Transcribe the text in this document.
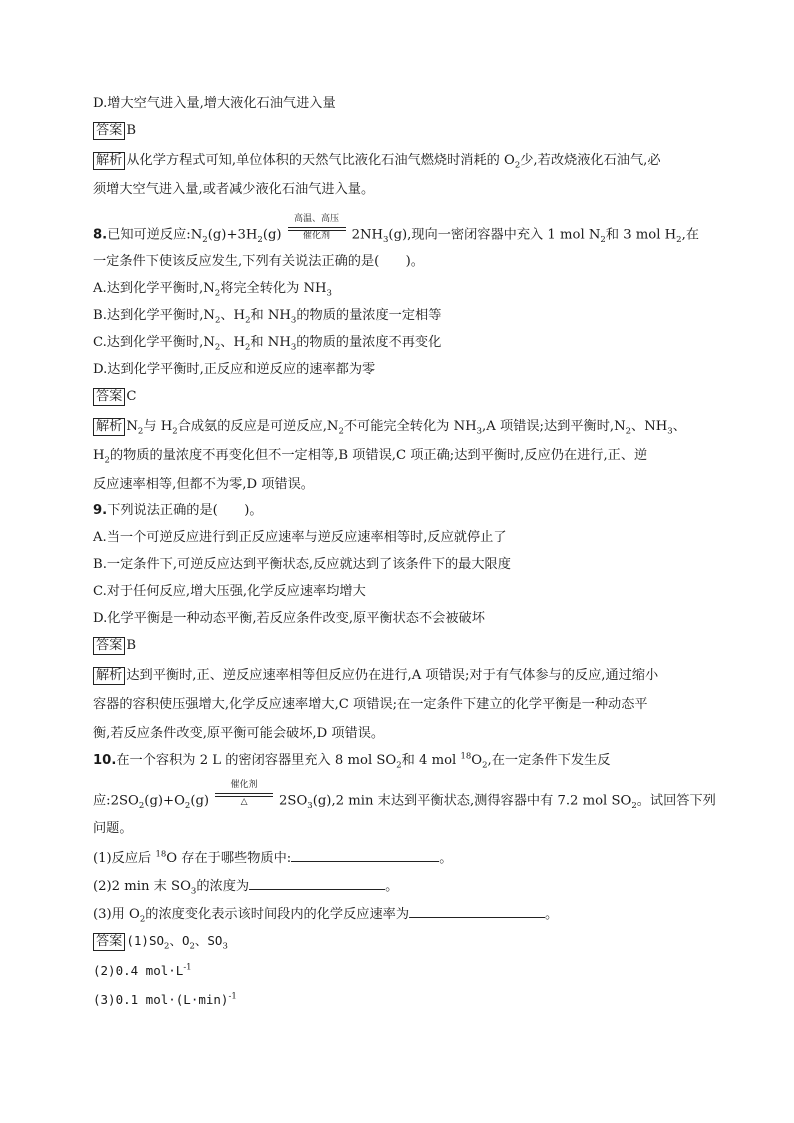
D.增大空气进入量,增大液化石油气进入量
答案 B
解析 从化学方程式可知,单位体积的天然气比液化石油气燃烧时消耗的 $O_2$少,若改烧液化石油气,必
须增大空气进入量,或者减少液化石油气进入量。
8.已知可逆反应$:N_2(g)+3H_2(g)$
高温、高压
催化剂	$2NH_3(g)$,现向一密闭容器中充入 1 mol $N_2$和 3 mol $H_2$,在
一定条件下使该反应发生,下列有关说法正确的是(　　)。
A.达到化学平衡时$,N_2$将完全转化为 $NH_3$
B.达到化学平衡时$,N_2$、$H_2$和 $NH_3$的物质的量浓度一定相等
C.达到化学平衡时$,N_2$、$H_2$和 $NH_3$的物质的量浓度不再变化
D.达到化学平衡时,正反应和逆反应的速率都为零
答案 C
解析 $N_2$与 $H_2$合成氨的反应是可逆反应$,N_2$不可能完全转化为 $NH_3,A$ 项错误;达到平衡时$,N_2$、$NH_3$、
$H_2$的物质的量浓度不再变化但不一定相等,B 项错误,C 项正确;达到平衡时,反应仍在进行,正、逆
反应速率相等,但都不为零,D 项错误。
9.下列说法正确的是(　　)。
A.当一个可逆反应进行到正反应速率与逆反应速率相等时,反应就停止了
B.一定条件下,可逆反应达到平衡状态,反应就达到了该条件下的最大限度
C.对于任何反应,增大压强,化学反应速率均增大
D.化学平衡是一种动态平衡,若反应条件改变,原平衡状态不会被破坏
答案 B
解析 达到平衡时,正、逆反应速率相等但反应仍在进行,A 项错误;对于有气体参与的反应,通过缩小
容器的容积使压强增大,化学反应速率增大,C 项错误;在一定条件下建立的化学平衡是一种动态平
衡,若反应条件改变,原平衡可能会破坏,D 项错误。
10.在一个容积为 2 L 的密闭容器里充入 8 mol $SO_2$和 4 mol $^{18}O_2$,在一定条件下发生反
应$:2SO_2(g)+O_2(g)$
催化剂
△	$2SO_3(g),2$ min 末达到平衡状态,测得容器中有 7.2 mol $SO_2$。试回答下列
问题。
(1)反应后 $^{18}$O 存在于哪些物质中:	。
(2)2 min 末 $SO_3$的浓度为	。
(3)用 $O_2$的浓度变化表示该时间段内的化学反应速率为	。
答案 $(1)SO_2$、$O_2$、$SO_3$
(2)0.4 $mol\cdot L^{-1}$
(3)0.1 $mol\cdot(L\cdot\min)^{-1}$
